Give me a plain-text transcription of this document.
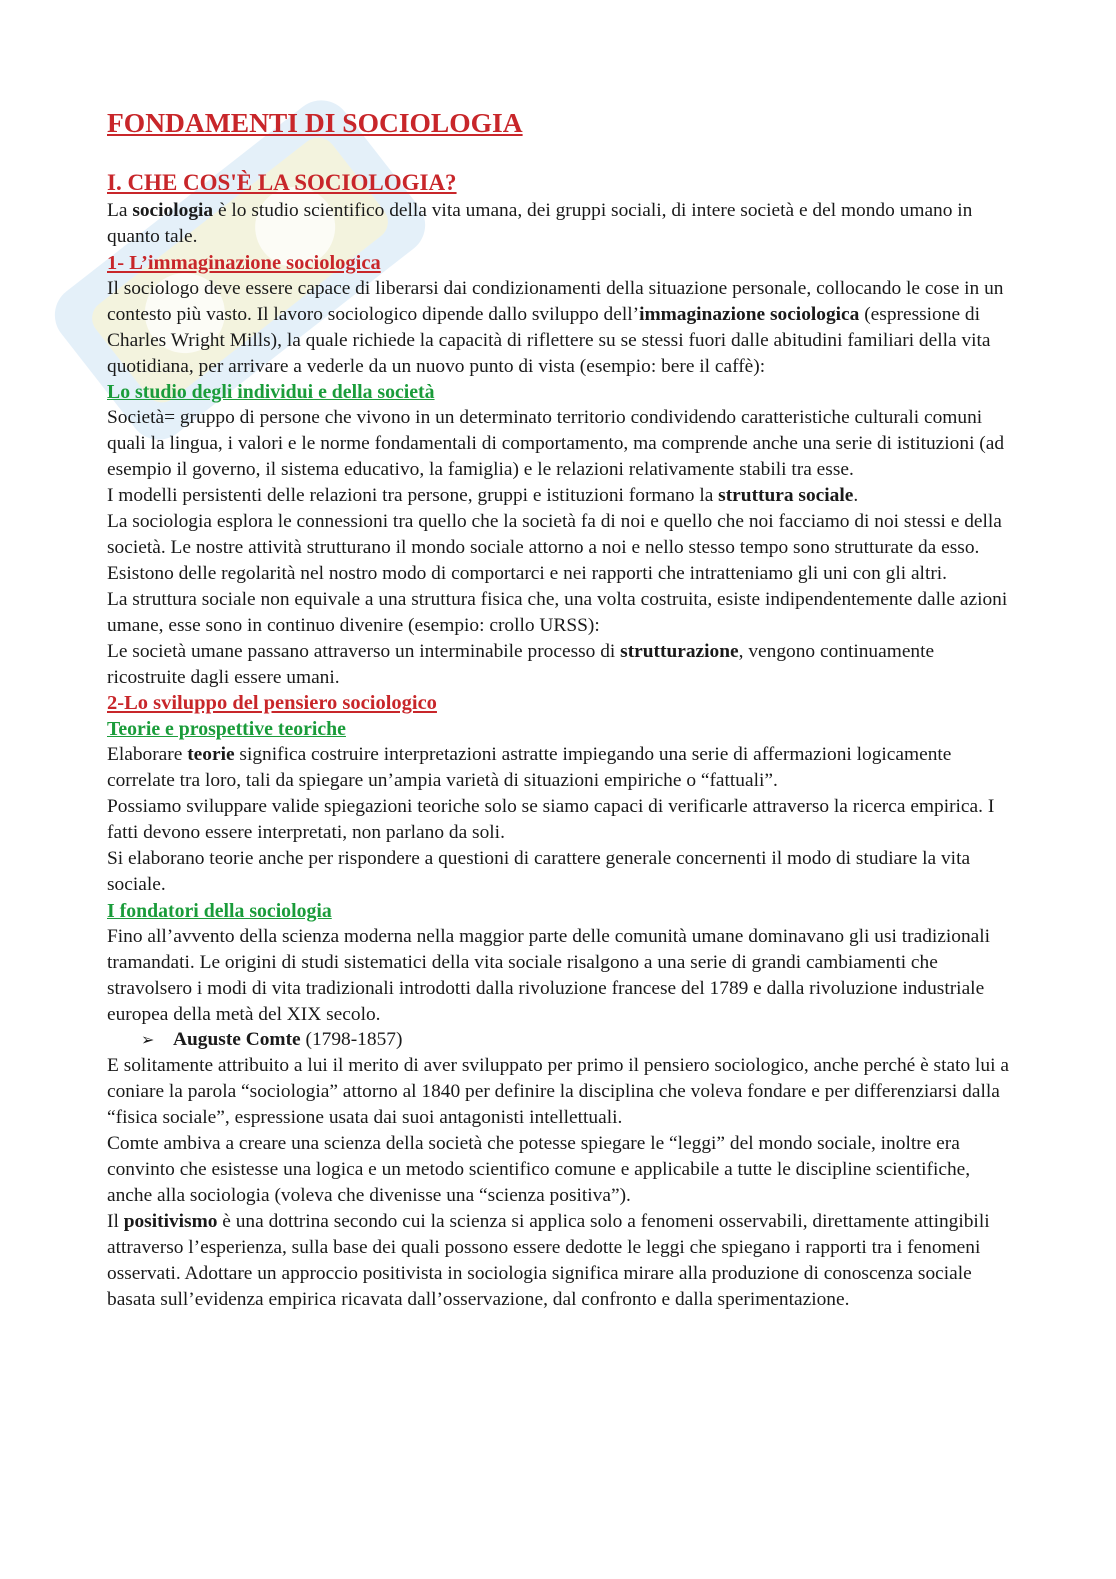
FONDAMENTI DI SOCIOLOGIA
I. CHE COS'È LA SOCIOLOGIA?

La sociologia è lo studio scientifico della vita umana, dei gruppi sociali, di intere società e del mondo umano in quanto tale.

1- L’immaginazione sociologica

Il sociologo deve essere capace di liberarsi dai condizionamenti della situazione personale, collocando le cose in un contesto più vasto. Il lavoro sociologico dipende dallo sviluppo dell’immaginazione sociologica (espressione di Charles Wright Mills), la quale richiede la capacità di riflettere su se stessi fuori dalle abitudini familiari della vita quotidiana, per arrivare a vederle da un nuovo punto di vista (esempio: bere il caffè):

Lo studio degli individui e della società

Società= gruppo di persone che vivono in un determinato territorio condividendo caratteristiche culturali comuni quali la lingua, i valori e le norme fondamentali di comportamento, ma comprende anche una serie di istituzioni (ad esempio il governo, il sistema educativo, la famiglia) e le relazioni relativamente stabili tra esse.

I modelli persistenti delle relazioni tra persone, gruppi e istituzioni formano la struttura sociale.

La sociologia esplora le connessioni tra quello che la società fa di noi e quello che noi facciamo di noi stessi e della società. Le nostre attività strutturano il mondo sociale attorno a noi e nello stesso tempo sono strutturate da esso. Esistono delle regolarità nel nostro modo di comportarci e nei rapporti che intratteniamo gli uni con gli altri.

La struttura sociale non equivale a una struttura fisica che, una volta costruita, esiste indipendentemente dalle azioni umane, esse sono in continuo divenire (esempio: crollo URSS):

Le società umane passano attraverso un interminabile processo di strutturazione, vengono continuamente ricostruite dagli essere umani.

2-Lo sviluppo del pensiero sociologico
Teorie e prospettive teoriche

Elaborare teorie significa costruire interpretazioni astratte impiegando una serie di affermazioni logicamente correlate tra loro, tali da spiegare un’ampia varietà di situazioni empiriche o “fattuali”.

Possiamo sviluppare valide spiegazioni teoriche solo se siamo capaci di verificarle attraverso la ricerca empirica. I fatti devono essere interpretati, non parlano da soli.

Si elaborano teorie anche per rispondere a questioni di carattere generale concernenti il modo di studiare la vita sociale.

I fondatori della sociologia

Fino all’avvento della scienza moderna nella maggior parte delle comunità umane dominavano gli usi tradizionali tramandati. Le origini di studi sistematici della vita sociale risalgono a una serie di grandi cambiamenti che stravolsero i modi di vita tradizionali introdotti dalla rivoluzione francese del 1789 e dalla rivoluzione industriale europea della metà del XIX secolo.

➢ Auguste Comte (1798-1857)

E solitamente attribuito a lui il merito di aver sviluppato per primo il pensiero sociologico, anche perché è stato lui a coniare la parola “sociologia” attorno al 1840 per definire la disciplina che voleva fondare e per differenziarsi dalla “fisica sociale”, espressione usata dai suoi antagonisti intellettuali.

Comte ambiva a creare una scienza della società che potesse spiegare le “leggi” del mondo sociale, inoltre era convinto che esistesse una logica e un metodo scientifico comune e applicabile a tutte le discipline scientifiche, anche alla sociologia (voleva che divenisse una “scienza positiva”).

Il positivismo è una dottrina secondo cui la scienza si applica solo a fenomeni osservabili, direttamente attingibili attraverso l’esperienza, sulla base dei quali possono essere dedotte le leggi che spiegano i rapporti tra i fenomeni osservati. Adottare un approccio positivista in sociologia significa mirare alla produzione di conoscenza sociale basata sull’evidenza empirica ricavata dall’osservazione, dal confronto e dalla sperimentazione.
